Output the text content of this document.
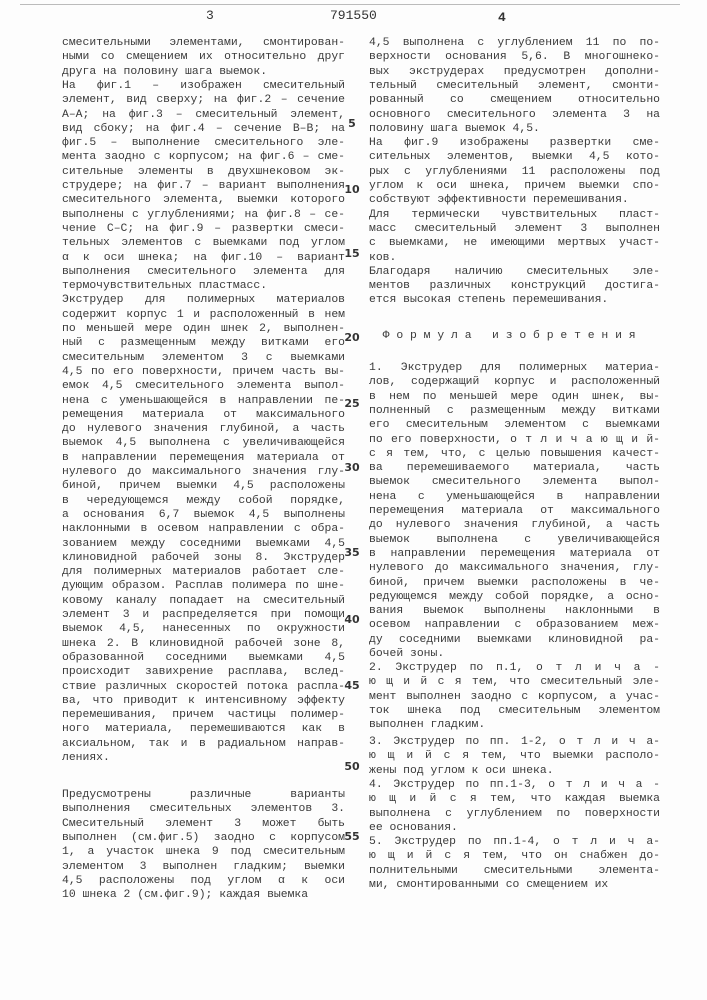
3	791550	4
5
10
15
20
25
30
35
40
45
50
55
смесительными элементами, смонтирован-
ными со смещением их относительно друг
друга на половину шага выемок.
На фиг.1 – изображен смесительный
элемент, вид сверху; на фиг.2 – сечение
А–А; на фиг.3 – смесительный элемент,
вид сбоку; на фиг.4 – сечение В–В; на
фиг.5 – выполнение смесительного эле-
мента заодно с корпусом; на фиг.6 – сме-
сительные элементы в двухшнековом эк-
струдере; на фиг.7 – вариант выполнения
смесительного элемента, выемки которого
выполнены с углублениями; на фиг.8 – се-
чение С–С; на фиг.9 – развертки смеси-
тельных элементов с выемками под углом
α к оси шнека; на фиг.10 – вариант
выполнения смесительного элемента для
термочувствительных пластмасс.
Экструдер для полимерных материалов
содержит корпус 1 и расположенный в нем
по меньшей мере один шнек 2, выполнен-
ный с размещенным между витками его
смесительным элементом 3 с выемками
4,5 по его поверхности, причем часть вы-
емок 4,5 смесительного элемента выпол-
нена с уменьшающейся в направлении пе-
ремещения материала от максимального
до нулевого значения глубиной, а часть
выемок 4,5 выполнена с увеличивающейся
в направлении перемещения материала от
нулевого до максимального значения глу-
биной, причем выемки 4,5 расположены
в чередующемся между собой порядке,
а основания 6,7 выемок 4,5 выполнены
наклонными в осевом направлении с обра-
зованием между соседними выемками 4,5
клиновидной рабочей зоны 8. Экструдер
для полимерных материалов работает сле-
дующим образом. Расплав полимера по шне-
ковому каналу попадает на смесительный
элемент 3 и распределяется при помощи
выемок 4,5, нанесенных по окружности
шнека 2. В клиновидной рабочей зоне 8,
образованной соседними выемками 4,5
происходит завихрение расплава, вслед-
ствие различных скоростей потока распла-
ва, что приводит к интенсивному эффекту
перемешивания, причем частицы полимер-
ного материала, перемешиваются как в
аксиальном, так и в радиальном направ-
лениях.
Предусмотрены различные варианты
выполнения смесительных элементов 3.
Смесительный элемент 3 может быть
выполнен (см.фиг.5) заодно с корпусом
1, а участок шнека 9 под смесительным
элементом 3 выполнен гладким; выемки
4,5 расположены под углом α к оси
10 шнека 2 (см.фиг.9); каждая выемка
4,5 выполнена с углублением 11 по по-
верхности основания 5,6. В многошнеко-
вых экструдерах предусмотрен дополни-
тельный смесительный элемент, смонти-
рованный со смещением относительно
основного смесительного элемента 3 на
половину шага выемок 4,5.
На фиг.9 изображены развертки сме-
сительных элементов, выемки 4,5 кото-
рых с углублениями 11 расположены под
углом к оси шнека, причем выемки спо-
собствуют эффективности перемешивания.
Для термически чувствительных пласт-
масс смесительный элемент 3 выполнен
с выемками, не имеющими мертвых участ-
ков.
Благодаря наличию смесительных эле-
ментов различных конструкций достига-
ется высокая степень перемешивания.
Ф о р м у л а   и з о б р е т е н и я
1. Экструдер для полимерных материа-
лов, содержащий корпус и расположенный
в нем по меньшей мере один шнек, вы-
полненный с размещенным между витками
его смесительным элементом с выемками
по его поверхности, о т л и ч а ю щ и й-
с я тем, что, с целью повышения качест-
ва перемешиваемого материала, часть
выемок смесительного элемента выпол-
нена с уменьшающейся в направлении
перемещения материала от максимального
до нулевого значения глубиной, а часть
выемок выполнена с увеличивающейся
в направлении перемещения материала от
нулевого до максимального значения, глу-
биной, причем выемки расположены в че-
редующемся между собой порядке, а осно-
вания выемок выполнены наклонными в
осевом направлении с образованием меж-
ду соседними выемками клиновидной ра-
бочей зоны.
2. Экструдер по п.1, о т л и ч а -
ю щ и й с я тем, что смесительный эле-
мент выполнен заодно с корпусом, а учас-
ток шнека под смесительным элементом
выполнен гладким.
3. Экструдер по пп. 1-2, о т л и ч а-
ю щ и й с я тем, что выемки располо-
жены под углом к оси шнека.
4. Экструдер по пп.1-3, о т л и ч а -
ю щ и й с я тем, что каждая выемка
выполнена с углублением по поверхности
ее основания.
5. Экструдер по пп.1-4, о т л и ч а-
ю щ и й с я тем, что он снабжен до-
полнительными смесительными элемента-
ми, смонтированными со смещением их
